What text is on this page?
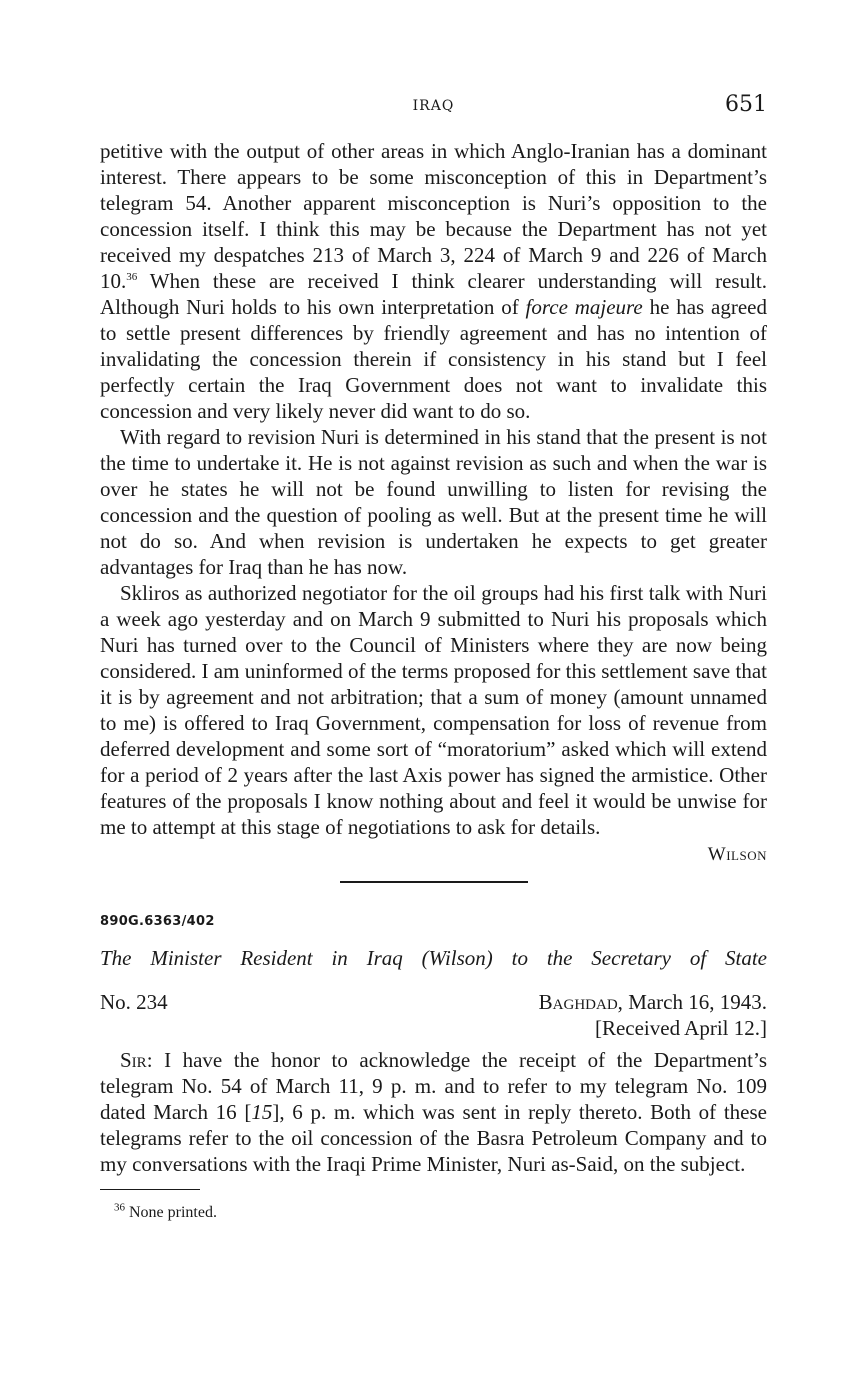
IRAQ	651

petitive with the output of other areas in which Anglo-Iranian has a dominant interest. There appears to be some misconception of this in Department’s telegram 54. Another apparent misconception is Nuri’s opposition to the concession itself. I think this may be because the Department has not yet received my despatches 213 of March 3, 224 of March 9 and 226 of March 10.36 When these are received I think clearer understanding will result. Although Nuri holds to his own interpretation of force majeure he has agreed to settle present differences by friendly agreement and has no intention of invalidating the concession therein if consistency in his stand but I feel perfectly certain the Iraq Government does not want to invalidate this concession and very likely never did want to do so.

With regard to revision Nuri is determined in his stand that the present is not the time to undertake it. He is not against revision as such and when the war is over he states he will not be found unwilling to listen for revising the concession and the question of pooling as well. But at the present time he will not do so. And when revision is undertaken he expects to get greater advantages for Iraq than he has now.

Skliros as authorized negotiator for the oil groups had his first talk with Nuri a week ago yesterday and on March 9 submitted to Nuri his proposals which Nuri has turned over to the Council of Ministers where they are now being considered. I am uninformed of the terms proposed for this settlement save that it is by agreement and not arbitration; that a sum of money (amount unnamed to me) is offered to Iraq Government, compensation for loss of revenue from deferred development and some sort of “moratorium” asked which will extend for a period of 2 years after the last Axis power has signed the armistice. Other features of the proposals I know nothing about and feel it would be unwise for me to attempt at this stage of negotiations to ask for details.

Wilson
890G.6363/402
The Minister Resident in Iraq (Wilson) to the Secretary of State
No. 234	Baghdad, March 16, 1943.
[Received April 12.]

Sir: I have the honor to acknowledge the receipt of the Department’s telegram No. 54 of March 11, 9 p. m. and to refer to my telegram No. 109 dated March 16 [15], 6 p. m. which was sent in reply thereto. Both of these telegrams refer to the oil concession of the Basra Petroleum Company and to my conversations with the Iraqi Prime Minister, Nuri as-Said, on the subject.

$^{36}$ None printed.
